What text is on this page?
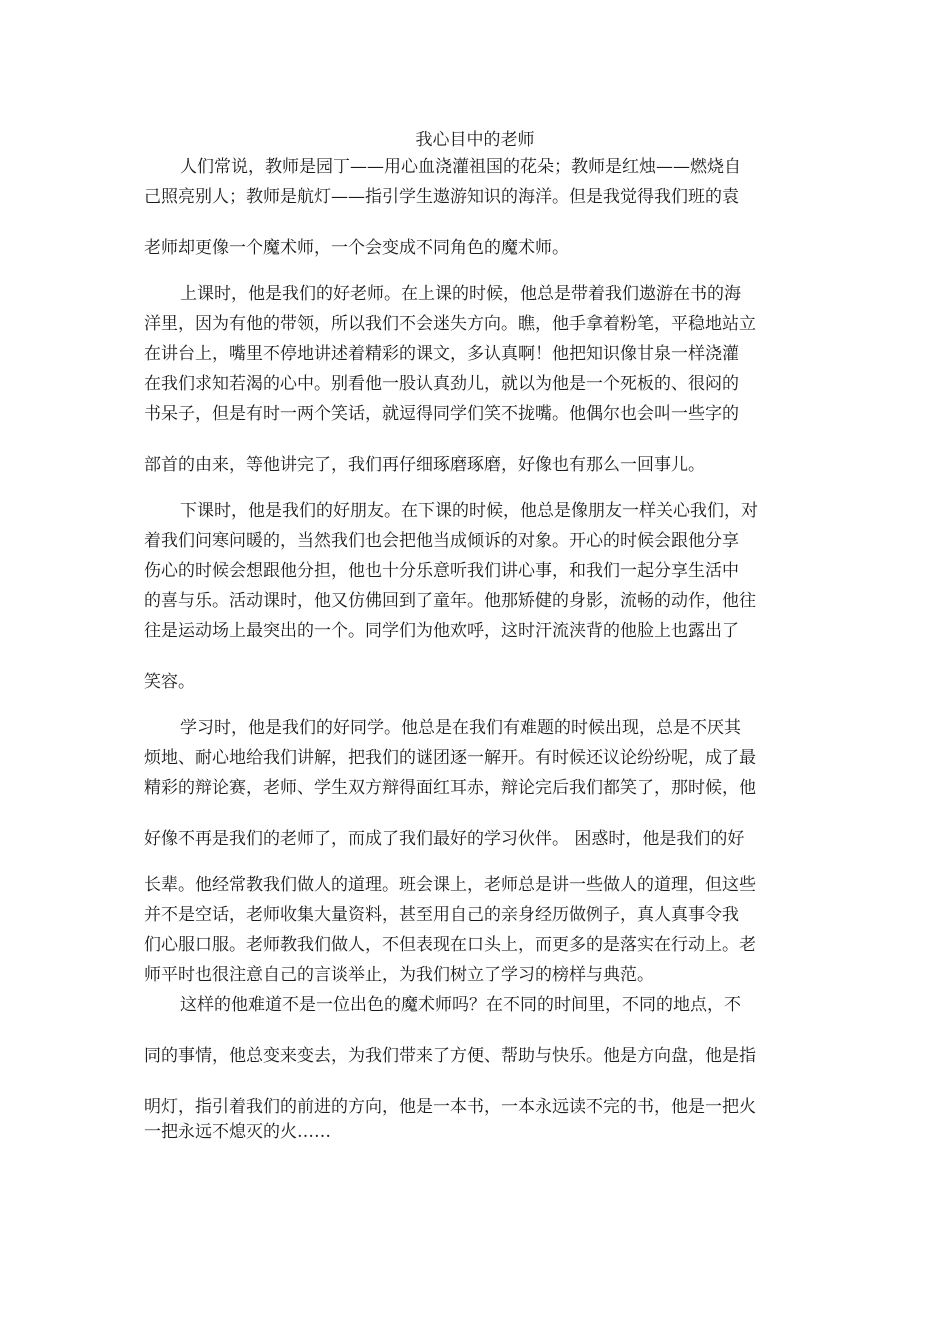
我心目中的老师
人们常说，教师是园丁——用心血浇灌祖国的花朵；教师是红烛——燃烧自
己照亮别人；教师是航灯——指引学生遨游知识的海洋。但是我觉得我们班的袁
老师却更像一个魔术师，一个会变成不同角色的魔术师。
上课时，他是我们的好老师。在上课的时候，他总是带着我们遨游在书的海
洋里，因为有他的带领，所以我们不会迷失方向。瞧，他手拿着粉笔，平稳地站立
在讲台上，嘴里不停地讲述着精彩的课文，多认真啊！他把知识像甘泉一样浇灌
在我们求知若渴的心中。别看他一股认真劲儿，就以为他是一个死板的、很闷的
书呆子，但是有时一两个笑话，就逗得同学们笑不拢嘴。他偶尔也会叫一些字的
部首的由来，等他讲完了，我们再仔细琢磨琢磨，好像也有那么一回事儿。
下课时，他是我们的好朋友。在下课的时候，他总是像朋友一样关心我们，对
着我们问寒问暖的，当然我们也会把他当成倾诉的对象。开心的时候会跟他分享
伤心的时候会想跟他分担，他也十分乐意听我们讲心事，和我们一起分享生活中
的喜与乐。活动课时，他又仿佛回到了童年。他那矫健的身影，流畅的动作，他往
往是运动场上最突出的一个。同学们为他欢呼，这时汗流浃背的他脸上也露出了
笑容。
学习时，他是我们的好同学。他总是在我们有难题的时候出现，总是不厌其
烦地、耐心地给我们讲解，把我们的谜团逐一解开。有时候还议论纷纷呢，成了最
精彩的辩论赛，老师、学生双方辩得面红耳赤，辩论完后我们都笑了，那时候，他
好像不再是我们的老师了，而成了我们最好的学习伙伴。 困惑时，他是我们的好
长辈。他经常教我们做人的道理。班会课上，老师总是讲一些做人的道理，但这些
并不是空话，老师收集大量资料，甚至用自己的亲身经历做例子，真人真事令我
们心服口服。老师教我们做人，不但表现在口头上，而更多的是落实在行动上。老
师平时也很注意自己的言谈举止，为我们树立了学习的榜样与典范。
这样的他难道不是一位出色的魔术师吗？在不同的时间里，不同的地点，不
同的事情，他总变来变去，为我们带来了方便、帮助与快乐。他是方向盘，他是指
明灯，指引着我们的前进的方向，他是一本书，一本永远读不完的书，他是一把火
一把永远不熄灭的火……
